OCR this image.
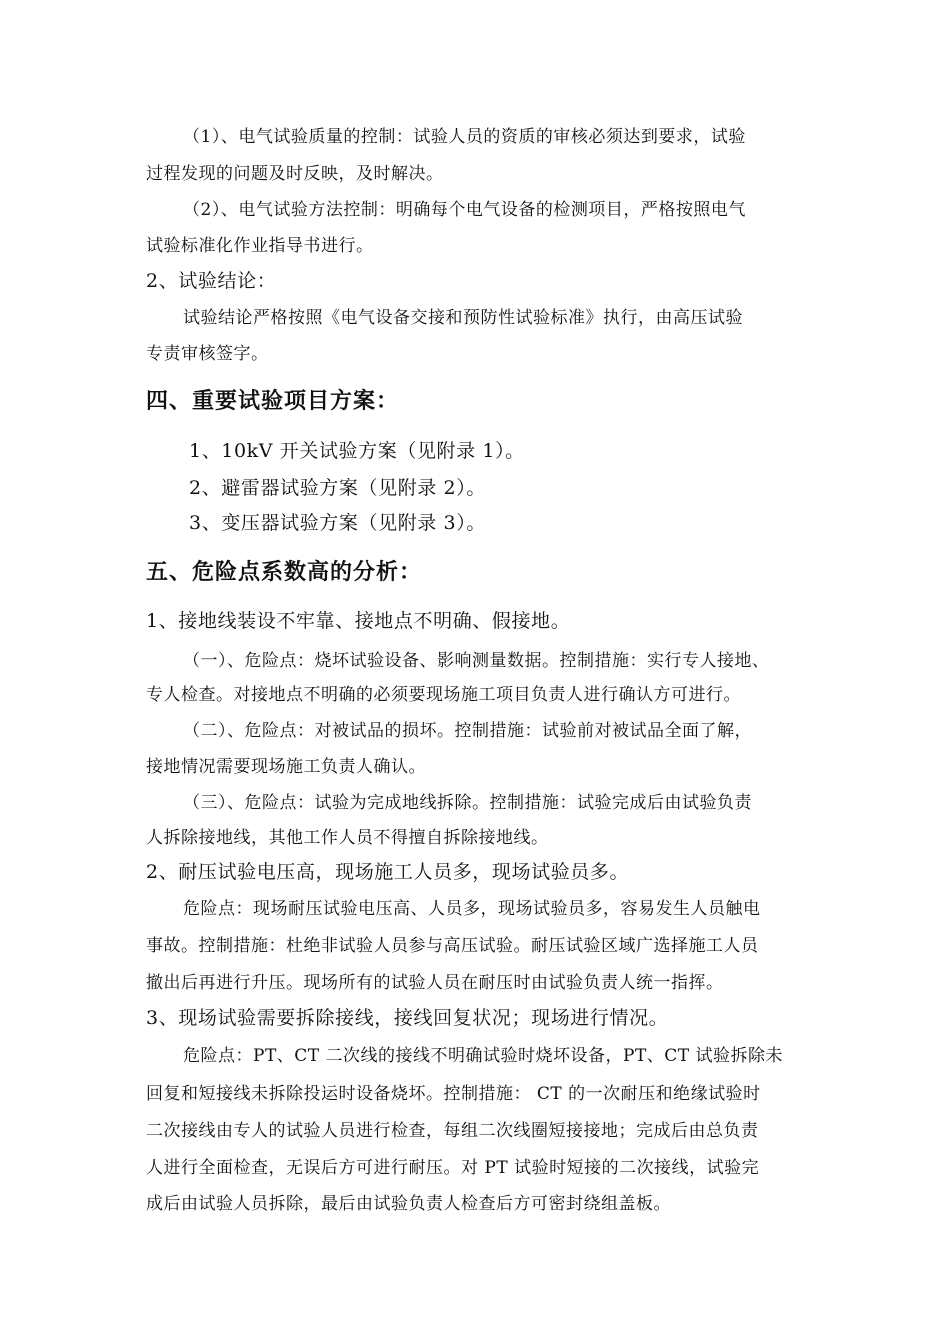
（1）、电气试验质量的控制：试验人员的资质的审核必须达到要求，试验
过程发现的问题及时反映，及时解决。
（2）、电气试验方法控制：明确每个电气设备的检测项目，严格按照电气
试验标准化作业指导书进行。
2、试验结论：
试验结论严格按照《电气设备交接和预防性试验标准》执行，由高压试验
专责审核签字。
四、重要试验项目方案：
1、10kV 开关试验方案（见附录 1）。
2、避雷器试验方案（见附录 2）。
3、变压器试验方案（见附录 3）。
五、危险点系数高的分析：
1、接地线装设不牢靠、接地点不明确、假接地。
（一）、危险点：烧坏试验设备、影响测量数据。控制措施：实行专人接地、
专人检查。对接地点不明确的必须要现场施工项目负责人进行确认方可进行。
（二）、危险点：对被试品的损坏。控制措施：试验前对被试品全面了解，
接地情况需要现场施工负责人确认。
（三）、危险点：试验为完成地线拆除。控制措施：试验完成后由试验负责
人拆除接地线，其他工作人员不得擅自拆除接地线。
2、耐压试验电压高，现场施工人员多，现场试验员多。
危险点：现场耐压试验电压高、人员多，现场试验员多，容易发生人员触电
事故。控制措施：杜绝非试验人员参与高压试验。耐压试验区域广选择施工人员
撤出后再进行升压。现场所有的试验人员在耐压时由试验负责人统一指挥。
3、现场试验需要拆除接线，接线回复状况；现场进行情况。
危险点：PT、CT 二次线的接线不明确试验时烧坏设备，PT、CT 试验拆除未
回复和短接线未拆除投运时设备烧坏。控制措施： CT 的一次耐压和绝缘试验时
二次接线由专人的试验人员进行检查，每组二次线圈短接接地；完成后由总负责
人进行全面检查，无误后方可进行耐压。对 PT 试验时短接的二次接线，试验完
成后由试验人员拆除，最后由试验负责人检查后方可密封绕组盖板。
